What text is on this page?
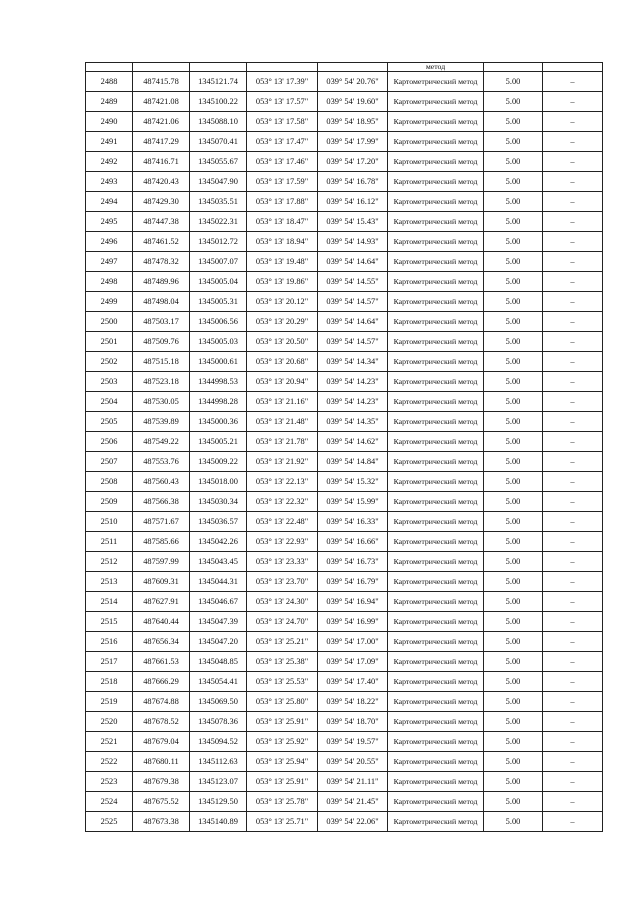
					метод		
2488	487415.78	1345121.74	053° 13' 17.39"	039° 54' 20.76"	Картометрический метод	5.00	–
2489	487421.08	1345100.22	053° 13' 17.57"	039° 54' 19.60"	Картометрический метод	5.00	–
2490	487421.06	1345088.10	053° 13' 17.58"	039° 54' 18.95"	Картометрический метод	5.00	–
2491	487417.29	1345070.41	053° 13' 17.47"	039° 54' 17.99"	Картометрический метод	5.00	–
2492	487416.71	1345055.67	053° 13' 17.46"	039° 54' 17.20"	Картометрический метод	5.00	–
2493	487420.43	1345047.90	053° 13' 17.59"	039° 54' 16.78"	Картометрический метод	5.00	–
2494	487429.30	1345035.51	053° 13' 17.88"	039° 54' 16.12"	Картометрический метод	5.00	–
2495	487447.38	1345022.31	053° 13' 18.47"	039° 54' 15.43"	Картометрический метод	5.00	–
2496	487461.52	1345012.72	053° 13' 18.94"	039° 54' 14.93"	Картометрический метод	5.00	–
2497	487478.32	1345007.07	053° 13' 19.48"	039° 54' 14.64"	Картометрический метод	5.00	–
2498	487489.96	1345005.04	053° 13' 19.86"	039° 54' 14.55"	Картометрический метод	5.00	–
2499	487498.04	1345005.31	053° 13' 20.12"	039° 54' 14.57"	Картометрический метод	5.00	–
2500	487503.17	1345006.56	053° 13' 20.29"	039° 54' 14.64"	Картометрический метод	5.00	–
2501	487509.76	1345005.03	053° 13' 20.50"	039° 54' 14.57"	Картометрический метод	5.00	–
2502	487515.18	1345000.61	053° 13' 20.68"	039° 54' 14.34"	Картометрический метод	5.00	–
2503	487523.18	1344998.53	053° 13' 20.94"	039° 54' 14.23"	Картометрический метод	5.00	–
2504	487530.05	1344998.28	053° 13' 21.16"	039° 54' 14.23"	Картометрический метод	5.00	–
2505	487539.89	1345000.36	053° 13' 21.48"	039° 54' 14.35"	Картометрический метод	5.00	–
2506	487549.22	1345005.21	053° 13' 21.78"	039° 54' 14.62"	Картометрический метод	5.00	–
2507	487553.76	1345009.22	053° 13' 21.92"	039° 54' 14.84"	Картометрический метод	5.00	–
2508	487560.43	1345018.00	053° 13' 22.13"	039° 54' 15.32"	Картометрический метод	5.00	–
2509	487566.38	1345030.34	053° 13' 22.32"	039° 54' 15.99"	Картометрический метод	5.00	–
2510	487571.67	1345036.57	053° 13' 22.48"	039° 54' 16.33"	Картометрический метод	5.00	–
2511	487585.66	1345042.26	053° 13' 22.93"	039° 54' 16.66"	Картометрический метод	5.00	–
2512	487597.99	1345043.45	053° 13' 23.33"	039° 54' 16.73"	Картометрический метод	5.00	–
2513	487609.31	1345044.31	053° 13' 23.70"	039° 54' 16.79"	Картометрический метод	5.00	–
2514	487627.91	1345046.67	053° 13' 24.30"	039° 54' 16.94"	Картометрический метод	5.00	–
2515	487640.44	1345047.39	053° 13' 24.70"	039° 54' 16.99"	Картометрический метод	5.00	–
2516	487656.34	1345047.20	053° 13' 25.21"	039° 54' 17.00"	Картометрический метод	5.00	–
2517	487661.53	1345048.85	053° 13' 25.38"	039° 54' 17.09"	Картометрический метод	5.00	–
2518	487666.29	1345054.41	053° 13' 25.53"	039° 54' 17.40"	Картометрический метод	5.00	–
2519	487674.88	1345069.50	053° 13' 25.80"	039° 54' 18.22"	Картометрический метод	5.00	–
2520	487678.52	1345078.36	053° 13' 25.91"	039° 54' 18.70"	Картометрический метод	5.00	–
2521	487679.04	1345094.52	053° 13' 25.92"	039° 54' 19.57"	Картометрический метод	5.00	–
2522	487680.11	1345112.63	053° 13' 25.94"	039° 54' 20.55"	Картометрический метод	5.00	–
2523	487679.38	1345123.07	053° 13' 25.91"	039° 54' 21.11"	Картометрический метод	5.00	–
2524	487675.52	1345129.50	053° 13' 25.78"	039° 54' 21.45"	Картометрический метод	5.00	–
2525	487673.38	1345140.89	053° 13' 25.71"	039° 54' 22.06"	Картометрический метод	5.00	–
